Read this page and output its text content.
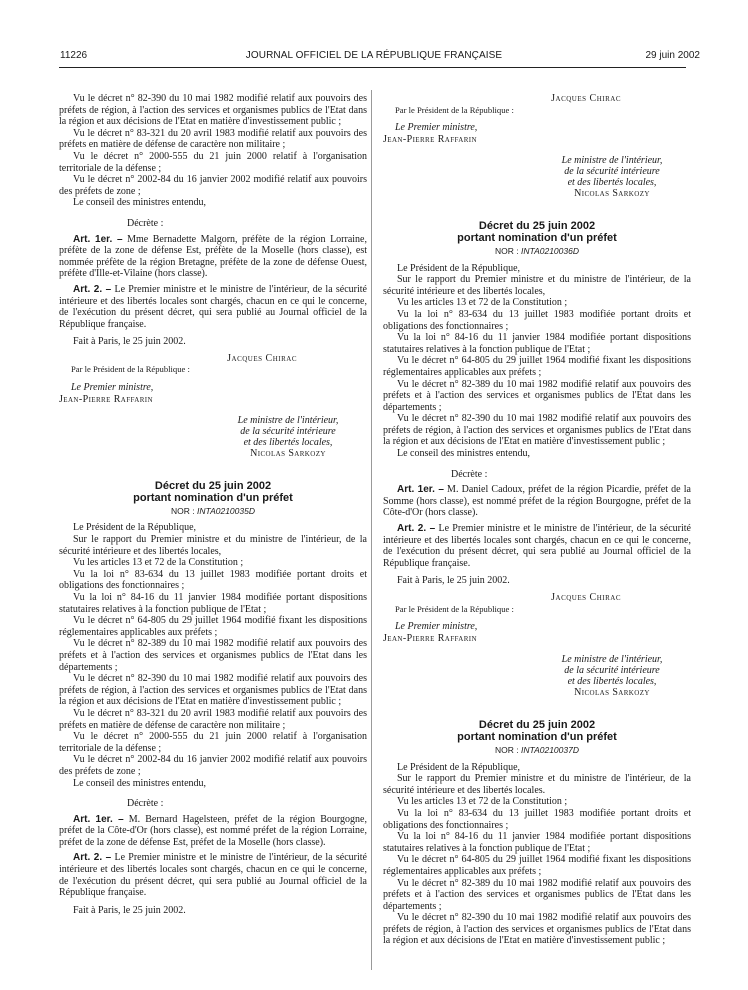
11226	JOURNAL OFFICIEL DE LA RÉPUBLIQUE FRANÇAISE	29 juin 2002

Vu le décret n° 82-390 du 10 mai 1982 modifié relatif aux pouvoirs des préfets de région, à l'action des services et organismes publics de l'Etat dans la région et aux décisions de l'Etat en matière d'investissement public ;

Vu le décret n° 83-321 du 20 avril 1983 modifié relatif aux pouvoirs des préfets en matière de défense de caractère non militaire ;

Vu le décret n° 2000-555 du 21 juin 2000 relatif à l'organisation territoriale de la défense ;

Vu le décret n° 2002-84 du 16 janvier 2002 modifié relatif aux pouvoirs des préfets de zone ;

Le conseil des ministres entendu,

Décrète :

Art. 1er. – Mme Bernadette Malgorn, préfète de la région Lorraine, préfète de la zone de défense Est, préfète de la Moselle (hors classe), est nommée préfète de la région Bretagne, préfète de la zone de défense Ouest, préfète d'Ille-et-Vilaine (hors classe).

Art. 2. – Le Premier ministre et le ministre de l'intérieur, de la sécurité intérieure et des libertés locales sont chargés, chacun en ce qui le concerne, de l'exécution du présent décret, qui sera publié au Journal officiel de la République française.

Fait à Paris, le 25 juin 2002.

Jacques Chirac

Par le Président de la République :

Le Premier ministre,

Jean-Pierre Raffarin

Le ministre de l'intérieur,

de la sécurité intérieure

et des libertés locales,

Nicolas Sarkozy

Décret du 25 juin 2002
portant nomination d'un préfet
NOR : INTA0210035D

Le Président de la République,

Sur le rapport du Premier ministre et du ministre de l'intérieur, de la sécurité intérieure et des libertés locales,

Vu les articles 13 et 72 de la Constitution ;

Vu la loi n° 83-634 du 13 juillet 1983 modifiée portant droits et obligations des fonctionnaires ;

Vu la loi n° 84-16 du 11 janvier 1984 modifiée portant dispositions statutaires relatives à la fonction publique de l'Etat ;

Vu le décret n° 64-805 du 29 juillet 1964 modifié fixant les dispositions réglementaires applicables aux préfets ;

Vu le décret n° 82-389 du 10 mai 1982 modifié relatif aux pouvoirs des préfets et à l'action des services et organismes publics de l'Etat dans les départements ;

Vu le décret n° 82-390 du 10 mai 1982 modifié relatif aux pouvoirs des préfets de région, à l'action des services et organismes publics de l'Etat dans la région et aux décisions de l'Etat en matière d'investissement public ;

Vu le décret n° 83-321 du 20 avril 1983 modifié relatif aux pouvoirs des préfets en matière de défense de caractère non militaire ;

Vu le décret n° 2000-555 du 21 juin 2000 relatif à l'organisation territoriale de la défense ;

Vu le décret n° 2002-84 du 16 janvier 2002 modifié relatif aux pouvoirs des préfets de zone ;

Le conseil des ministres entendu,

Décrète :

Art. 1er. – M. Bernard Hagelsteen, préfet de la région Bourgogne, préfet de la Côte-d'Or (hors classe), est nommé préfet de la région Lorraine, préfet de la zone de défense Est, préfet de la Moselle (hors classe).

Art. 2. – Le Premier ministre et le ministre de l'intérieur, de la sécurité intérieure et des libertés locales sont chargés, chacun en ce qui le concerne, de l'exécution du présent décret, qui sera publié au Journal officiel de la République française.

Fait à Paris, le 25 juin 2002.

Jacques Chirac

Par le Président de la République :

Le Premier ministre,

Jean-Pierre Raffarin

Le ministre de l'intérieur,

de la sécurité intérieure

et des libertés locales,

Nicolas Sarkozy

Décret du 25 juin 2002
portant nomination d'un préfet
NOR : INTA0210036D

Le Président de la République,

Sur le rapport du Premier ministre et du ministre de l'intérieur, de la sécurité intérieure et des libertés locales,

Vu les articles 13 et 72 de la Constitution ;

Vu la loi n° 83-634 du 13 juillet 1983 modifiée portant droits et obligations des fonctionnaires ;

Vu la loi n° 84-16 du 11 janvier 1984 modifiée portant dispositions statutaires relatives à la fonction publique de l'Etat ;

Vu le décret n° 64-805 du 29 juillet 1964 modifié fixant les dispositions réglementaires applicables aux préfets ;

Vu le décret n° 82-389 du 10 mai 1982 modifié relatif aux pouvoirs des préfets et à l'action des services et organismes publics de l'Etat dans les départements ;

Vu le décret n° 82-390 du 10 mai 1982 modifié relatif aux pouvoirs des préfets de région, à l'action des services et organismes publics de l'Etat dans la région et aux décisions de l'Etat en matière d'investissement public ;

Le conseil des ministres entendu,

Décrète :

Art. 1er. – M. Daniel Cadoux, préfet de la région Picardie, préfet de la Somme (hors classe), est nommé préfet de la région Bourgogne, préfet de la Côte-d'Or (hors classe).

Art. 2. – Le Premier ministre et le ministre de l'intérieur, de la sécurité intérieure et des libertés locales sont chargés, chacun en ce qui le concerne, de l'exécution du présent décret, qui sera publié au Journal officiel de la République française.

Fait à Paris, le 25 juin 2002.

Jacques Chirac

Par le Président de la République :

Le Premier ministre,

Jean-Pierre Raffarin

Le ministre de l'intérieur,

de la sécurité intérieure

et des libertés locales,

Nicolas Sarkozy

Décret du 25 juin 2002
portant nomination d'un préfet
NOR : INTA0210037D

Le Président de la République,

Sur le rapport du Premier ministre et du ministre de l'intérieur, de la sécurité intérieure et des libertés locales.

Vu les articles 13 et 72 de la Constitution ;

Vu la loi n° 83-634 du 13 juillet 1983 modifiée portant droits et obligations des fonctionnaires ;

Vu la loi n° 84-16 du 11 janvier 1984 modifiée portant dispositions statutaires relatives à la fonction publique de l'Etat ;

Vu le décret n° 64-805 du 29 juillet 1964 modifié fixant les dispositions réglementaires applicables aux préfets ;

Vu le décret n° 82-389 du 10 mai 1982 modifié relatif aux pouvoirs des préfets et à l'action des services et organismes publics de l'Etat dans les départements ;

Vu le décret n° 82-390 du 10 mai 1982 modifié relatif aux pouvoirs des préfets de région, à l'action des services et organismes publics de l'Etat dans la région et aux décisions de l'Etat en matière d'investissement public ;
